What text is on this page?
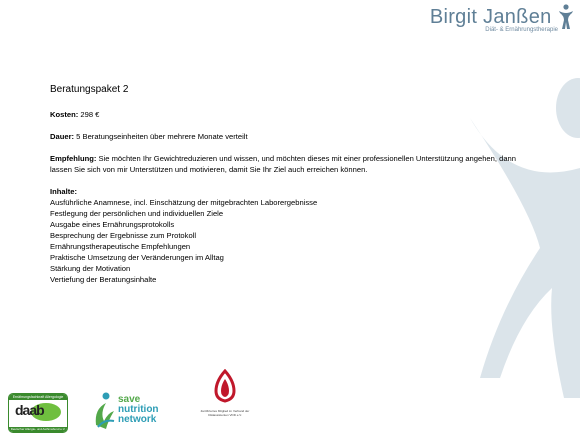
Birgit Janßen
Diät- & Ernährungstherapie
Beratungspaket 2
Kosten: 298 €
Dauer: 5 Beratungseinheiten über mehrere Monate verteilt
Empfehlung: Sie möchten Ihr Gewichtreduzieren und wissen, und möchten dieses mit einer professionellen Unterstützung angehen, dann lassen Sie sich von mir Unterstützen und motivieren, damit Sie Ihr Ziel auch erreichen können.
Inhalte:
Ausführliche Anamnese, incl. Einschätzung der mitgebrachten Laborergebnisse
Festlegung der persönlichen und individuellen Ziele
Ausgabe eines Ernährungsprotokolls
Besprechung der Ergebnisse zum Protokoll
Ernährungstherapeutische Empfehlungen
Praktische Umsetzung der Veränderungen im Alltag
Stärkung der Motivation
Vertiefung der Beratungsinhalte
Ernährungsfachkraft Allergologie
daab
Deutscher Allergie- und Asthmabund e.V.
save
nutrition
network
Zertifiziertes Mitglied im Verband der Diätassistenten VDD e.V.
